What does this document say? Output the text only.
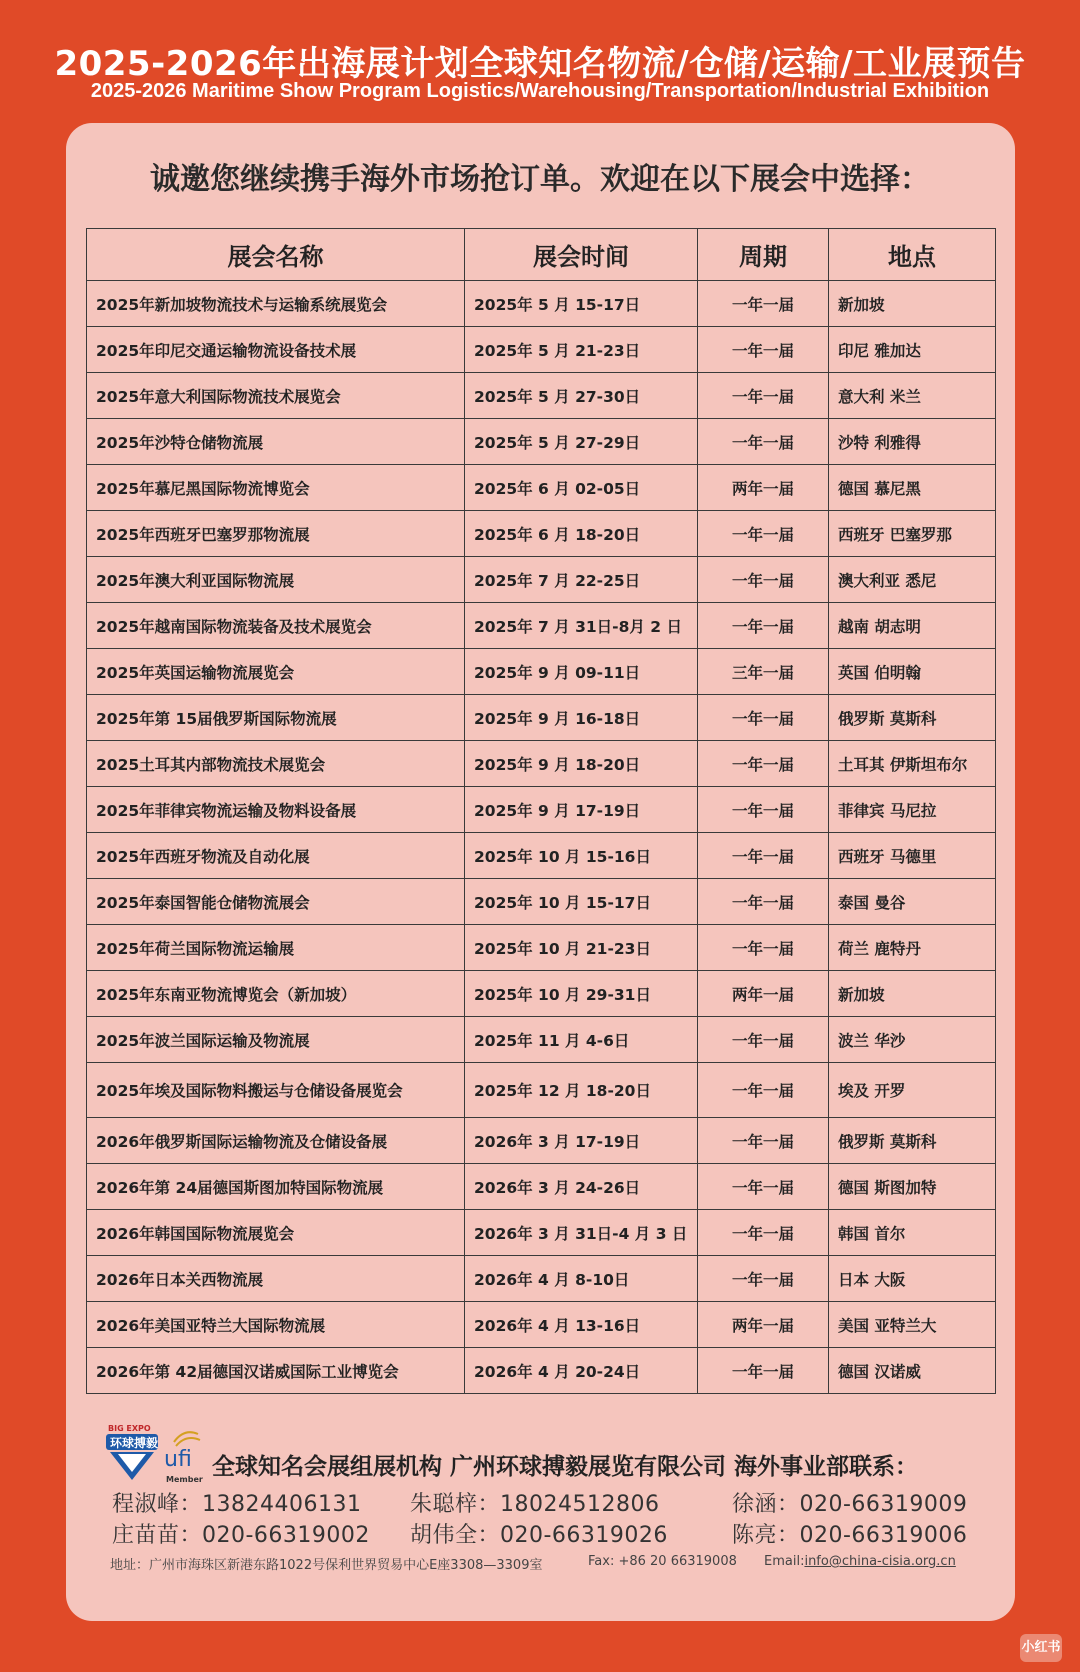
2025-2026年出海展计划全球知名物流/仓储/运输/工业展预告
2025-2026 Maritime Show Program Logistics/Warehousing/Transportation/Industrial Exhibition
诚邀您继续携手海外市场抢订单。欢迎在以下展会中选择：
展会名称	展会时间	周期	地点
2025年新加坡物流技术与运输系统展览会	2025年 5 月 15-17日	一年一届	新加坡
2025年印尼交通运输物流设备技术展	2025年 5 月 21-23日	一年一届	印尼 雅加达
2025年意大利国际物流技术展览会	2025年 5 月 27-30日	一年一届	意大利 米兰
2025年沙特仓储物流展	2025年 5 月 27-29日	一年一届	沙特 利雅得
2025年慕尼黑国际物流博览会	2025年 6 月 02-05日	两年一届	德国 慕尼黑
2025年西班牙巴塞罗那物流展	2025年 6 月 18-20日	一年一届	西班牙 巴塞罗那
2025年澳大利亚国际物流展	2025年 7 月 22-25日	一年一届	澳大利亚 悉尼
2025年越南国际物流装备及技术展览会	2025年 7 月 31日-8月 2 日	一年一届	越南 胡志明
2025年英国运输物流展览会	2025年 9 月 09-11日	三年一届	英国 伯明翰
2025年第 15届俄罗斯国际物流展	2025年 9 月 16-18日	一年一届	俄罗斯 莫斯科
2025土耳其内部物流技术展览会	2025年 9 月 18-20日	一年一届	土耳其 伊斯坦布尔
2025年菲律宾物流运输及物料设备展	2025年 9 月 17-19日	一年一届	菲律宾 马尼拉
2025年西班牙物流及自动化展	2025年 10 月 15-16日	一年一届	西班牙 马德里
2025年泰国智能仓储物流展会	2025年 10 月 15-17日	一年一届	泰国 曼谷
2025年荷兰国际物流运输展	2025年 10 月 21-23日	一年一届	荷兰 鹿特丹
2025年东南亚物流博览会（新加坡）	2025年 10 月 29-31日	两年一届	新加坡
2025年波兰国际运输及物流展	2025年 11 月 4-6日	一年一届	波兰 华沙
2025年埃及国际物料搬运与仓储设备展览会	2025年 12 月 18-20日	一年一届	埃及 开罗
2026年俄罗斯国际运输物流及仓储设备展	2026年 3 月 17-19日	一年一届	俄罗斯 莫斯科
2026年第 24届德国斯图加特国际物流展	2026年 3 月 24-26日	一年一届	德国 斯图加特
2026年韩国国际物流展览会	2026年 3 月 31日-4 月 3 日	一年一届	韩国 首尔
2026年日本关西物流展	2026年 4 月 8-10日	一年一届	日本 大阪
2026年美国亚特兰大国际物流展	2026年 4 月 13-16日	两年一届	美国 亚特兰大
2026年第 42届德国汉诺威国际工业博览会	2026年 4 月 20-24日	一年一届	德国 汉诺威
BIG EXPO
环球搏毅
ufi
Member 全球知名会展组展机构 广州环球搏毅展览有限公司 海外事业部联系：
程淑峰：13824406131 朱聪梓：18024512806	徐涵：020-66319009
庄苗苗：020-66319002 胡伟全：020-66319026	陈亮：020-66319006
地址：广州市海珠区新港东路1022号保利世界贸易中心E座3308—3309室	Fax: +86 20 66319008 Email:info@china-cisia.org.cn
小红书
